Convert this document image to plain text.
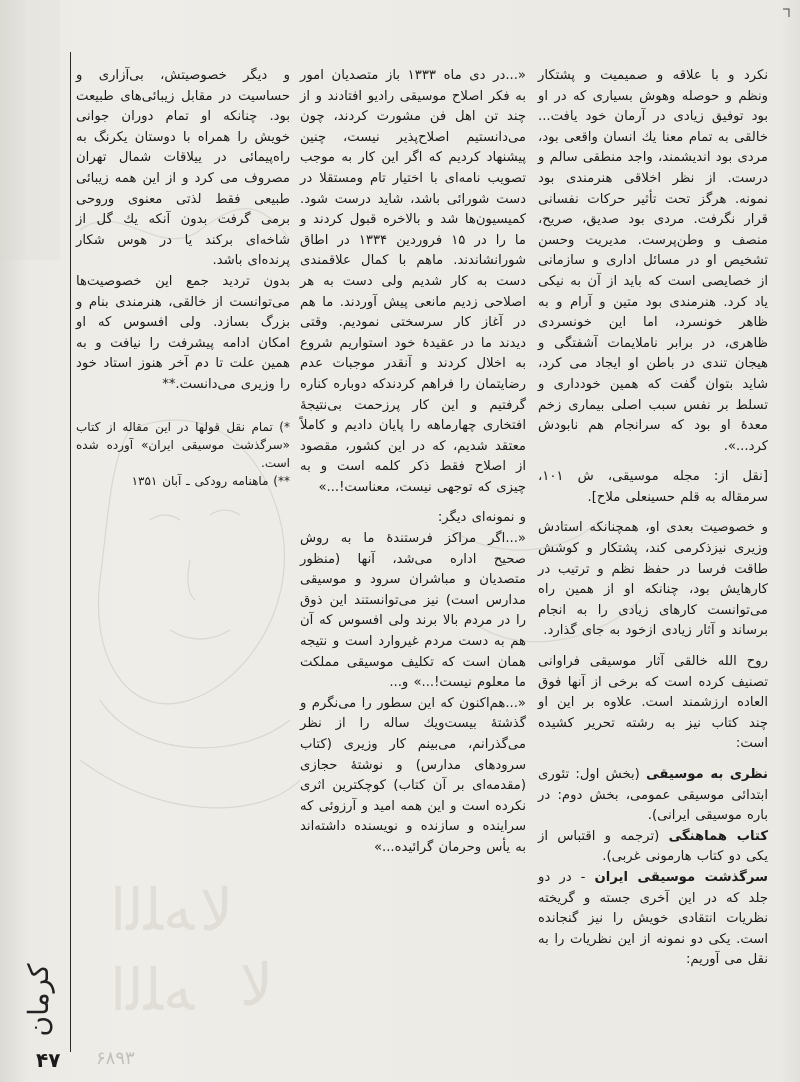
ﻪﻠﻟا ﻻ
ﻪﻠﻟا ﻻ

نکرد و با علاقه و صمیمیت و پشتکار ونظم و حوصله وهوش بسیاری که در او بود توفیق زیادی در آرمان خود یافت... خالقی به تمام معنا یك انسان واقعی بود، مردی بود اندیشمند، واجد منطقی سالم و درست. از نظر اخلاقی هنرمندی بود نمونه. هرگز تحت تأثیر حرکات نفسانی قرار نگرفت. مردی بود صدیق، صریح، منصف و وطن‌پرست. مدیریت وحسن تشخیص او در مسائل اداری و سازمانی از خصایصی است که باید از آن به نیکی یاد کرد. هنرمندی بود متین و آرام و به ظاهر خونسرد، اما این خونسردی ظاهری، در برابر ناملایمات آشفتگی و هیجان تندی در باطن او ایجاد می کرد، شاید بتوان گفت که همین خودداری و تسلط بر نفس سبب اصلی بیماری زخم معدهٔ او بود که سرانجام هم نابودش کرد...».

[نقل از: مجله موسیقی، ش ۱۰۱، سرمقاله به قلم حسینعلی ملاح].

و خصوصیت بعدی او، همچنانکه استادش وزیری نیزذکرمی کند، پشتکار و کوشش طاقت فرسا در حفظ نظم و ترتیب در کارهایش بود، چنانکه او از همین راه می‌توانست کارهای زیادی را به انجام برساند و آثار زیادی ازخود به جای گذارد.

روح الله خالقی آثار موسیقی فراوانی تصنیف کرده است که برخی از آنها فوق العاده ارزشمند است. علاوه بر این او چند کتاب نیز به رشته تحریر کشیده است:

نظری به موسیقی (بخش اول: تئوری ابتدائی موسیقی عمومی، بخش دوم: در باره موسیقی ایرانی).

کتاب هماهنگی (ترجمه و اقتباس از یکی دو کتاب هارمونی غربی).

سرگذشت موسیقی ایران - در دو جلد که در این آخری جسته و گریخته نظریات انتقادی خویش را نیز گنجانده است. یکی دو نمونه از این نظریات را به نقل می آوریم:

«...در دی ماه ۱۳۳۳ باز متصدیان امور به فکر اصلاح موسیقی رادیو افتادند و از چند تن اهل فن مشورت کردند، چون می‌دانستیم اصلاح‌پذیر نیست، چنین پیشنهاد کردیم که اگر این کار به موجب تصویب نامه‌ای با اختیار تام ومستقلا در دست شورائی باشد، شاید درست شود. کمیسیون‌ها شد و بالاخره قبول کردند و ما را در ۱۵ فروردین ۱۳۳۴ در اطاق شورانشاندند. ماهم با کمال علاقمندی دست به کار شدیم ولی دست به هر اصلاحی زدیم مانعی پیش آوردند. ما هم در آغاز کار سرسختی نمودیم. وقتی دیدند ما در عقیدهٔ خود استواریم شروع به اخلال کردند و آنقدر موجبات عدم رضایتمان را فراهم کردندکه دوباره کناره گرفتیم و این کار پرزحمت بی‌نتیجهٔ افتخاری چهارماهه را پایان دادیم و کاملاً معتقد شدیم، که در این کشور، مقصود از اصلاح فقط ذکر کلمه است و به چیزی که توجهی نیست، معناست!...»

و نمونه‌ای دیگر:

«...اگر مراکز فرستندهٔ ما به روش صحیح اداره می‌شد، آنها (منظور متصدیان و مباشران سرود و موسیقی مدارس است) نیز می‌توانستند این ذوق را در مردم بالا برند ولی افسوس که آن هم به دست مردم غیروارد است و نتیجه همان است که تکلیف موسیقی مملکت ما معلوم نیست!...» و...

«...هم‌اکنون که این سطور را می‌نگرم و گذشتهٔ بیست‌ویك ساله را از نظر می‌گذرانم، می‌بینم کار وزیری (کتاب سرودهای مدارس) و نوشتهٔ حجازی (مقدمه‌ای بر آن کتاب) کوچکترین اثری نکرده است و این همه امید و آرزوئی که سراینده و سازنده و نویسنده داشته‌اند به یأس وحرمان گرائیده...»

و دیگر خصوصیتش، بی‌آزاری و حساسیت در مقابل زیبائی‌های طبیعت بود. چنانکه او تمام دوران جوانی خویش را همراه با دوستان یکرنگ به راه‌پیمائی در ییلاقات شمال تهران مصروف می کرد و از این همه زیبائی طبیعی فقط لذتی معنوی وروحی برمی گرفت بدون آنکه یك گل از شاخه‌ای برکند یا در هوس شکار پرنده‌ای باشد.

بدون تردید جمع این خصوصیت‌ها می‌توانست از خالقی، هنرمندی بنام و بزرگ بسازد. ولی افسوس که او امکان ادامه پیشرفت را نیافت و به همین علت تا دم آخر هنوز استاد خود را وزیری می‌دانست.**

*) تمام نقل قولها در این مقاله از کتاب «سرگذشت موسیقی ایران» آورده شده است.

**) ماهنامه رودکی ـ آبان ۱۳۵۱

کرمان
۴۷ ۶۸۹۳
